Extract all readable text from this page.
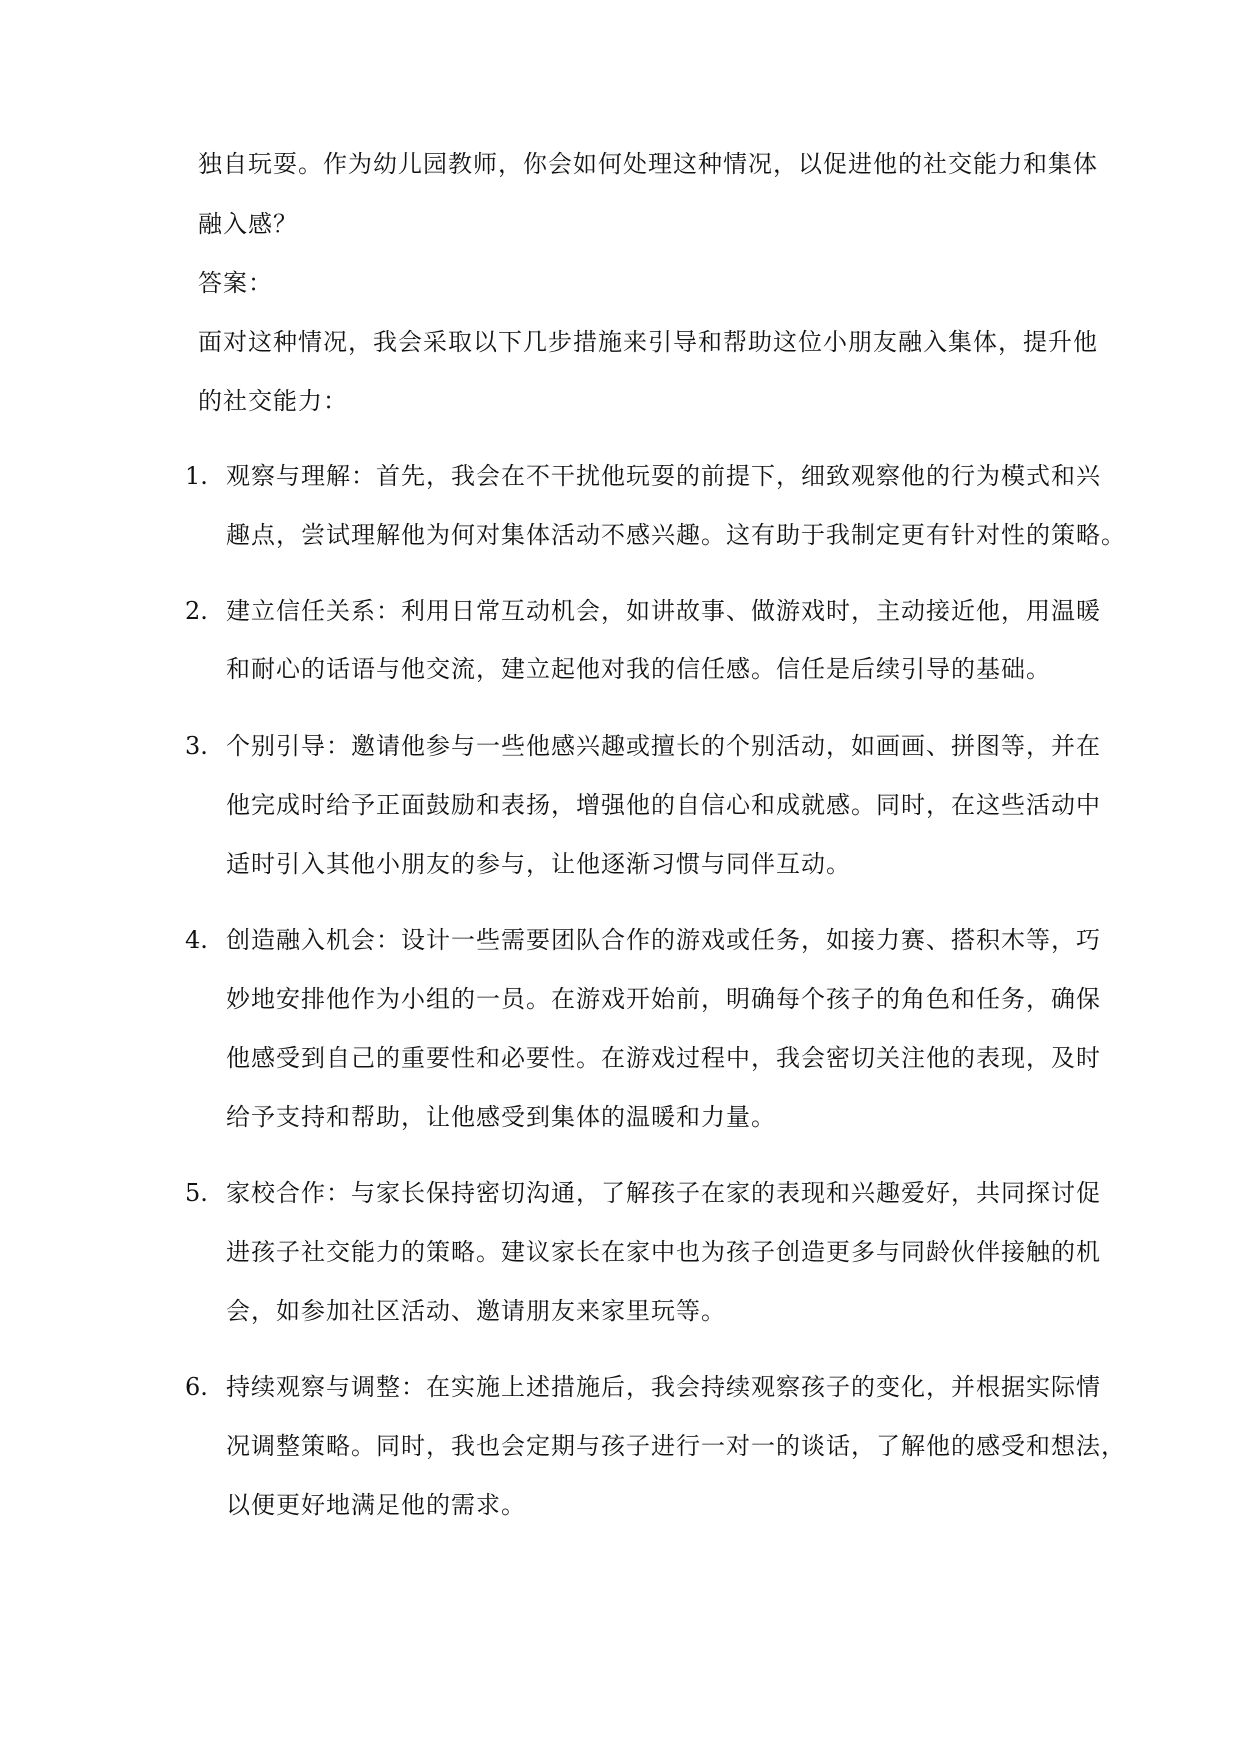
独自玩耍。作为幼儿园教师，你会如何处理这种情况，以促进他的社交能力和集体
融入感？
答案：
面对这种情况，我会采取以下几步措施来引导和帮助这位小朋友融入集体，提升他
的社交能力：
1. 观察与理解：首先，我会在不干扰他玩耍的前提下，细致观察他的行为模式和兴
趣点，尝试理解他为何对集体活动不感兴趣。这有助于我制定更有针对性的策略。
2. 建立信任关系：利用日常互动机会，如讲故事、做游戏时，主动接近他，用温暖
和耐心的话语与他交流，建立起他对我的信任感。信任是后续引导的基础。
3. 个别引导：邀请他参与一些他感兴趣或擅长的个别活动，如画画、拼图等，并在
他完成时给予正面鼓励和表扬，增强他的自信心和成就感。同时，在这些活动中
适时引入其他小朋友的参与，让他逐渐习惯与同伴互动。
4. 创造融入机会：设计一些需要团队合作的游戏或任务，如接力赛、搭积木等，巧
妙地安排他作为小组的一员。在游戏开始前，明确每个孩子的角色和任务，确保
他感受到自己的重要性和必要性。在游戏过程中，我会密切关注他的表现，及时
给予支持和帮助，让他感受到集体的温暖和力量。
5. 家校合作：与家长保持密切沟通，了解孩子在家的表现和兴趣爱好，共同探讨促
进孩子社交能力的策略。建议家长在家中也为孩子创造更多与同龄伙伴接触的机
会，如参加社区活动、邀请朋友来家里玩等。
6. 持续观察与调整：在实施上述措施后，我会持续观察孩子的变化，并根据实际情
况调整策略。同时，我也会定期与孩子进行一对一的谈话，了解他的感受和想法，
以便更好地满足他的需求。
